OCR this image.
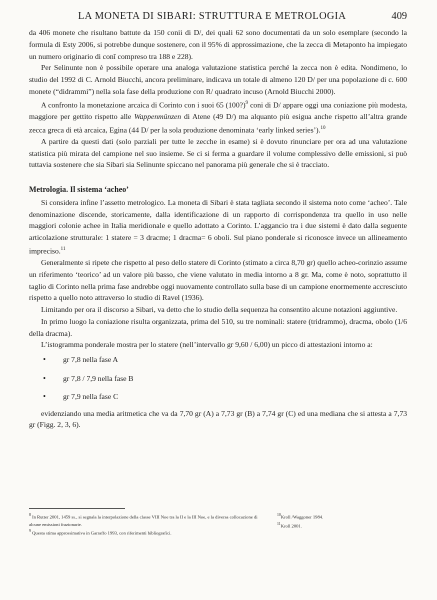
LA MONETA DI SIBARI: STRUTTURA E METROLOGIA	409

da 406 monete che risultano battute da 150 conii di D/, dei quali 62 sono documentati da un solo esemplare (secondo la formula di Esty 2006, si potrebbe dunque sostenere, con il 95% di approssimazione, che la zecca di Metaponto ha impiegato un numero originario di conî compreso tra 188 e 228).

Per Selinunte non è possibile operare una analoga valutazione statistica perché la zecca non è edita. Nondimeno, lo studio del 1992 di C. Arnold Biucchi, ancora preliminare, indicava un totale di almeno 120 D/ per una popolazione di c. 600 monete (“didrammi”) nella sola fase della produzione con R/ quadrato incuso (Arnold Biucchi 2000).

A confronto la monetazione arcaica di Corinto con i suoi 65 (100?)$^9$ coni di D/ appare oggi una coniazione più modesta, maggiore per gettito rispetto alle Wappenmünzen di Atene (49 D/) ma alquanto più esigua anche rispetto all’altra grande zecca greca di età arcaica, Egina (44 D/ per la sola produzione denominata ‘early linked series’).$^{10}$

A partire da questi dati (solo parziali per tutte le zecche in esame) si è dovuto rinunciare per ora ad una valutazione statistica più mirata del campione nel suo insieme. Se ci si ferma a guardare il volume complessivo delle emissioni, si può tuttavia sostenere che sia Sibari sia Selinunte spiccano nel panorama più generale che si è tracciato.

Metrologia. Il sistema ‘acheo’

Si considera infine l’assetto metrologico. La moneta di Sibari è stata tagliata secondo il sistema noto come ‘acheo’. Tale denominazione discende, storicamente, dalla identificazione di un rapporto di corrispondenza tra quello in uso nelle maggiori colonie achee in Italia meridionale e quello adottato a Corinto. L’agganciο tra i due sistemi è dato dalla seguente articolazione strutturale: 1 statere = 3 dracme; 1 dracma= 6 oboli. Sul piano ponderale si riconosce invece un allineamento impreciso.$^{11}$

Generalmente si ripete che rispetto al peso dello statere di Corinto (stimato a circa 8,70 gr) quello acheo-corinzio assume un riferimento ‘teorico’ ad un valore più basso, che viene valutato in media intorno a 8 gr. Ma, come è noto, soprattutto il taglio di Corinto nella prima fase andrebbe oggi nuovamente controllato sulla base di un campione enormemente accresciuto rispetto a quello noto attraverso lo studio di Ravel (1936).

Limitando per ora il discorso a Sibari, va detto che lo studio della sequenza ha consentito alcune notazioni aggiuntive.

In primo luogo la coniazione risulta organizzata, prima del 510, su tre nominali: statere (tridrammo), dracma, obolo (1/6 della dracma).

L’istogramma ponderale mostra per lo statere (nell’intervallo gr 9,60 / 6,00) un picco di attestazioni intorno a:

• gr 7,8 nella fase A
• gr 7,8 / 7,9 nella fase B
• gr 7,9 nella fase C

evidenziando una media aritmetica che va da 7,70 gr (A) a 7,73 gr (B) a 7,74 gr (C) ed una mediana che si attesta a 7,73 gr (Figg. 2, 3, 6).

$^8$ In Rutter 2001, 1459 ss., si segnala la interpolazione della classe VIII Noe tra la II e la III Noe, e la diversa collocazione di alcune emissioni frazionarie.

$^9$ Questa stima approssimativa in Garraffo 1993, con riferimenti bibliografici.

$^{10}$Kroll /Waggoner 1984.

$^{11}$Kroll 2001.
